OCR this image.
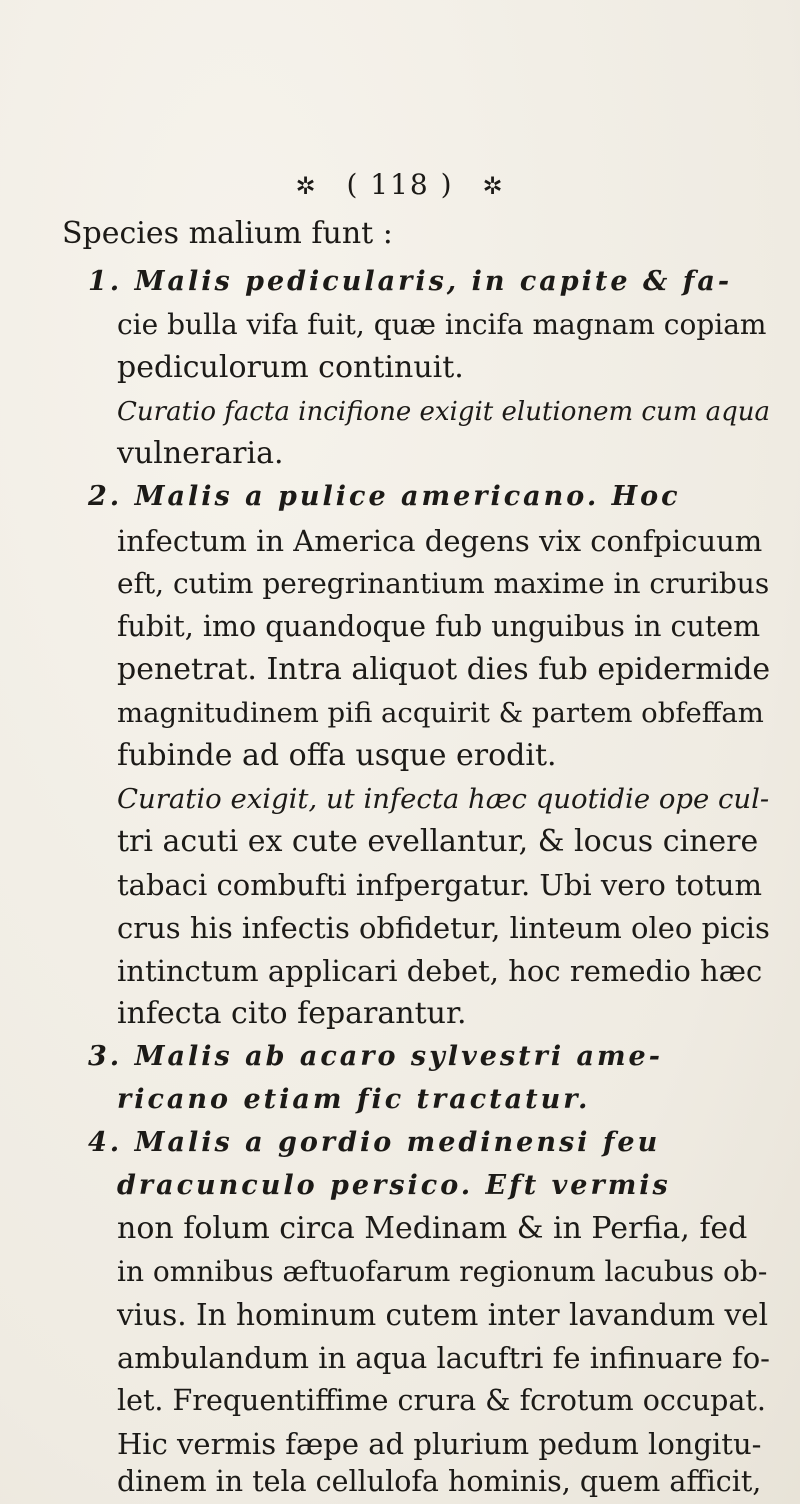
✲ ( 118 ) ✲
Species malium funt :
1. Malis pedicularis, in capite & fa-
cie bulla vifa fuit, quæ incifa magnam copiam
pediculorum continuit.
Curatio facta incifione exigit elutionem cum aqua
vulneraria.
2. Malis a pulice americano. Hoc
infectum in America degens vix confpicuum
eft, cutim peregrinantium maxime in cruribus
fubit, imo quandoque fub unguibus in cutem
penetrat. Intra aliquot dies fub epidermide
magnitudinem pifi acquirit & partem obfeffam
fubinde ad offa usque erodit.
Curatio exigit, ut infecta hæc quotidie ope cul-
tri acuti ex cute evellantur, & locus cinere
tabaci combufti infpergatur. Ubi vero totum
crus his infectis obfidetur, linteum oleo picis
intinctum applicari debet, hoc remedio hæc
infecta cito feparantur.
3. Malis ab acaro sylvestri ame-
ricano etiam fic tractatur.
4. Malis a gordio medinensi feu
dracunculo persico. Eft vermis
non folum circa Medinam & in Perfia, fed
in omnibus æftuofarum regionum lacubus ob-
vius. In hominum cutem inter lavandum vel
ambulandum in aqua lacuftri fe infinuare fo-
let. Frequentiffime crura & fcrotum occupat.
Hic vermis fæpe ad plurium pedum longitu-
dinem in tela cellulofa hominis, quem afficit,
